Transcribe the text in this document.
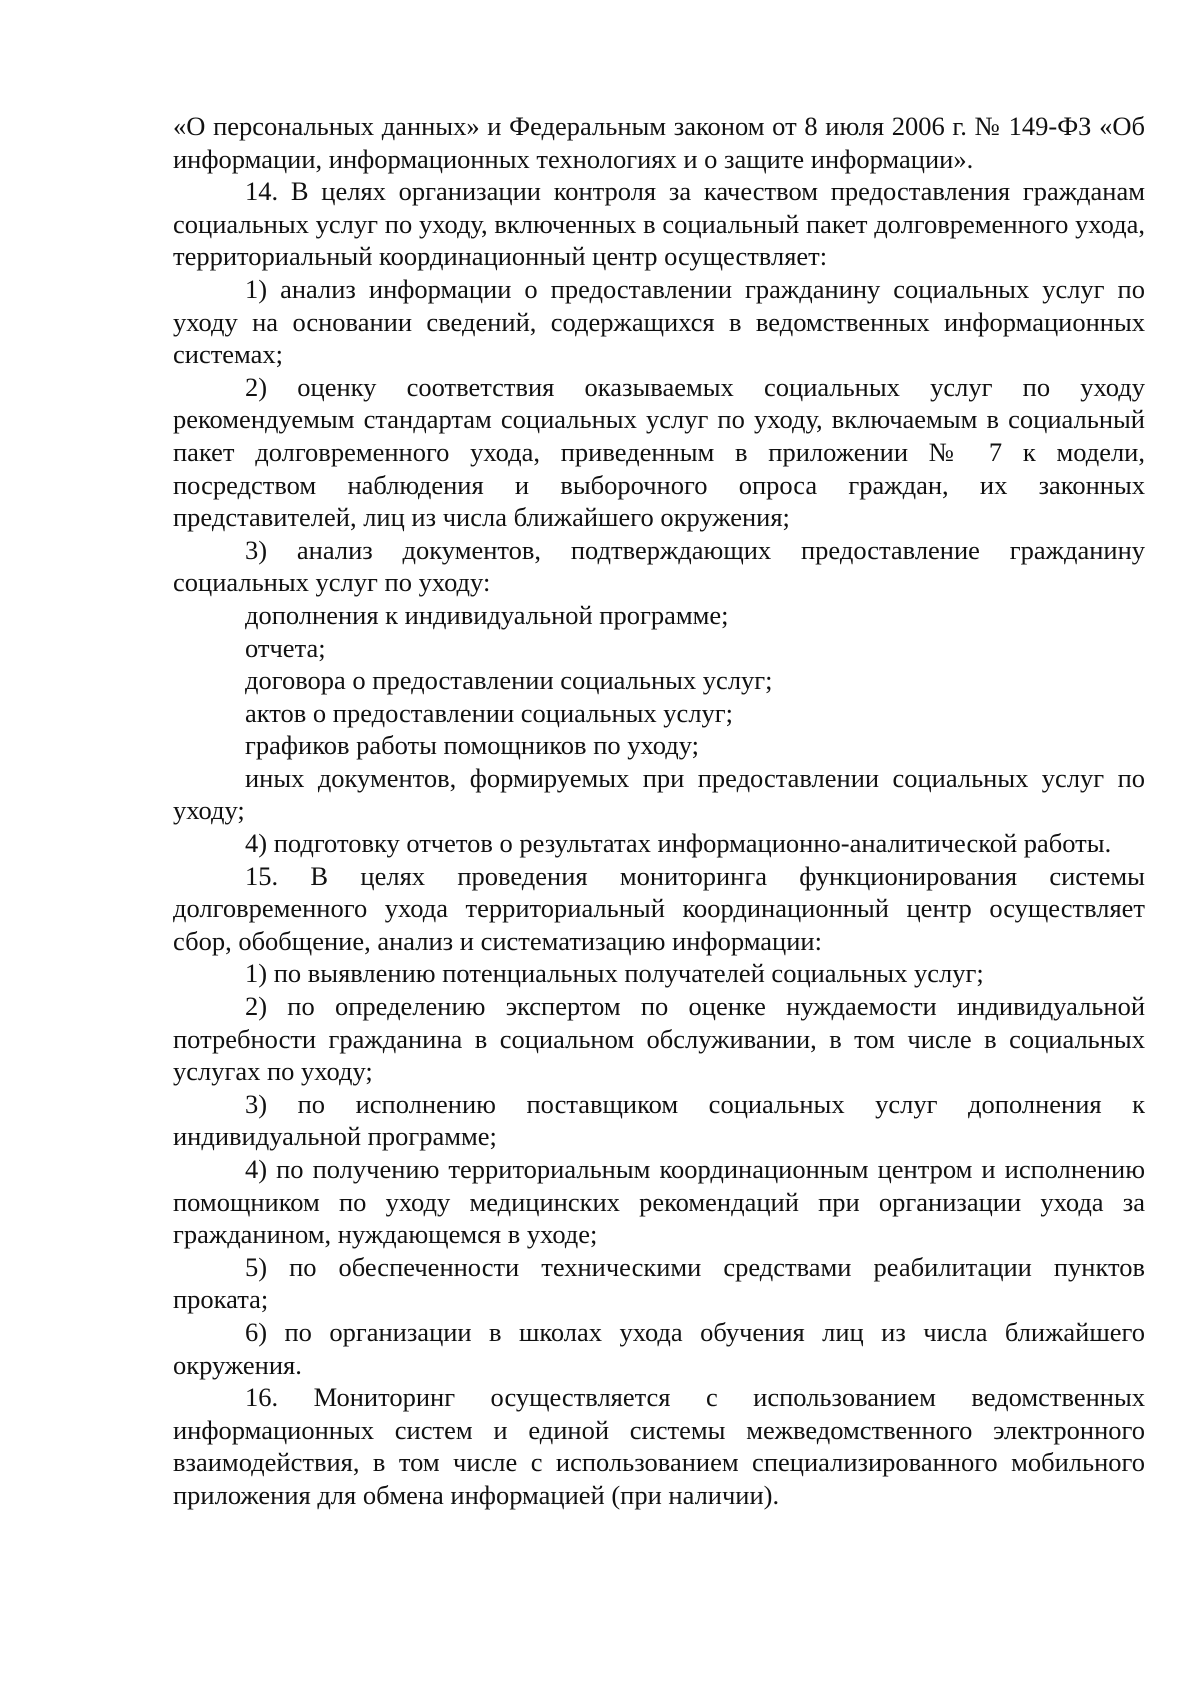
«О персональных данных» и Федеральным законом от 8 июля 2006 г. № 149-ФЗ «Об информации, информационных технологиях и о защите информации».

14. В целях организации контроля за качеством предоставления гражданам социальных услуг по уходу, включенных в социальный пакет долговременного ухода, территориальный координационный центр осуществляет:

1) анализ информации о предоставлении гражданину социальных услуг по уходу на основании сведений, содержащихся в ведомственных информационных системах;

2) оценку соответствия оказываемых социальных услуг по уходу рекомендуемым стандартам социальных услуг по уходу, включаемым в социальный пакет долговременного ухода, приведенным в приложении № 7 к модели, посредством наблюдения и выборочного опроса граждан, их законных представителей, лиц из числа ближайшего окружения;

3) анализ документов, подтверждающих предоставление гражданину социальных услуг по уходу:

дополнения к индивидуальной программе;

отчета;

договора о предоставлении социальных услуг;

актов о предоставлении социальных услуг;

графиков работы помощников по уходу;

иных документов, формируемых при предоставлении социальных услуг по уходу;

4) подготовку отчетов о результатах информационно-аналитической работы.

15. В целях проведения мониторинга функционирования системы долговременного ухода территориальный координационный центр осуществляет сбор, обобщение, анализ и систематизацию информации:

1) по выявлению потенциальных получателей социальных услуг;

2) по определению экспертом по оценке нуждаемости индивидуальной потребности гражданина в социальном обслуживании, в том числе в социальных услугах по уходу;

3) по исполнению поставщиком социальных услуг дополнения к индивидуальной программе;

4) по получению территориальным координационным центром и исполнению помощником по уходу медицинских рекомендаций при организации ухода за гражданином, нуждающемся в уходе;

5) по обеспеченности техническими средствами реабилитации пунктов проката;

6) по организации в школах ухода обучения лиц из числа ближайшего окружения.

16. Мониторинг осуществляется с использованием ведомственных информационных систем и единой системы межведомственного электронного взаимодействия, в том числе с использованием специализированного мобильного приложения для обмена информацией (при наличии).
